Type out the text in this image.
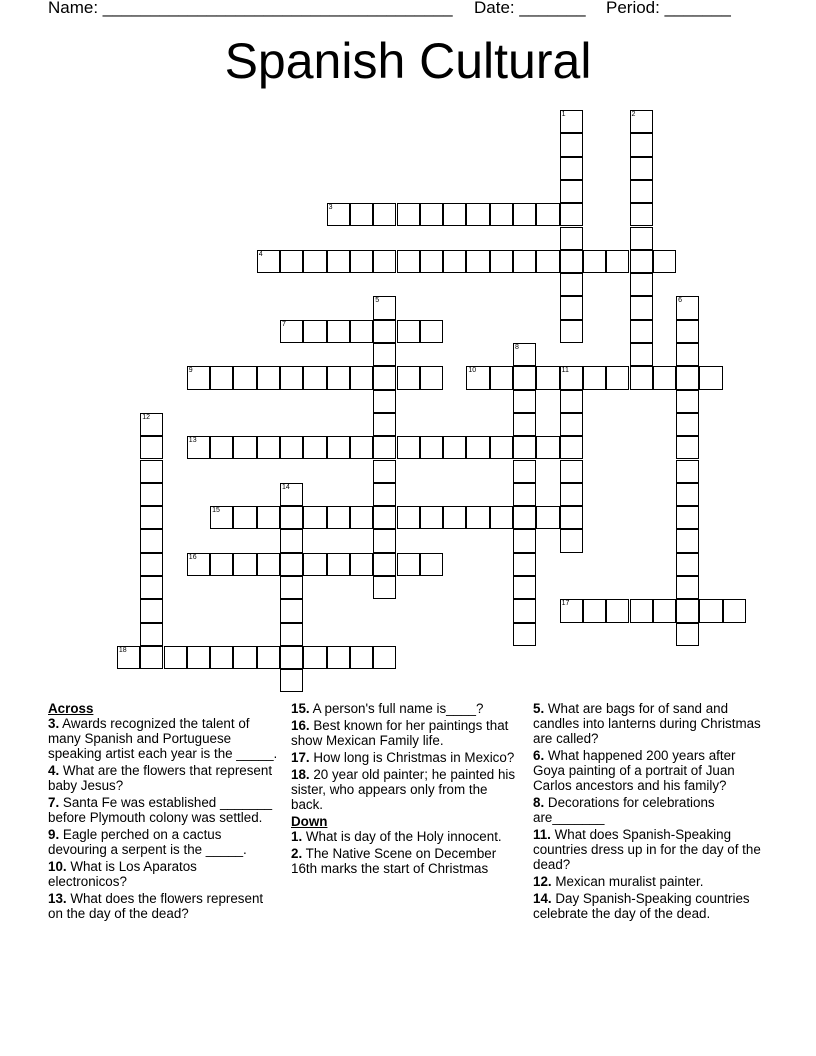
Name: _____________________________________ Date: _______ Period: _______
Spanish Cultural
1	2
3
4
5	6
7
8
9	10	11
12
13
14
15
16
17
18
Across
3. Awards recognized the talent of many Spanish and Portuguese speaking artist each year is the _____.
4. What are the flowers that represent baby Jesus?
7. Santa Fe was established _______ before Plymouth colony was settled.
9. Eagle perched on a cactus devouring a serpent is the _____.
10. What is Los Aparatos electronicos?
13. What does the flowers represent on the day of the dead?
15. A person's full name is____?
16. Best known for her paintings that show Mexican Family life.
17. How long is Christmas in Mexico?
18. 20 year old painter; he painted his sister, who appears only from the back.
Down
1. What is day of the Holy innocent.
2. The Native Scene on December 16th marks the start of Christmas
5. What are bags for of sand and candles into lanterns during Christmas are called?
6. What happened 200 years after Goya painting of a portrait of Juan Carlos ancestors and his family?
8. Decorations for celebrations are_______
11. What does Spanish-Speaking countries dress up in for the day of the dead?
12. Mexican muralist painter.
14. Day Spanish-Speaking countries celebrate the day of the dead.
